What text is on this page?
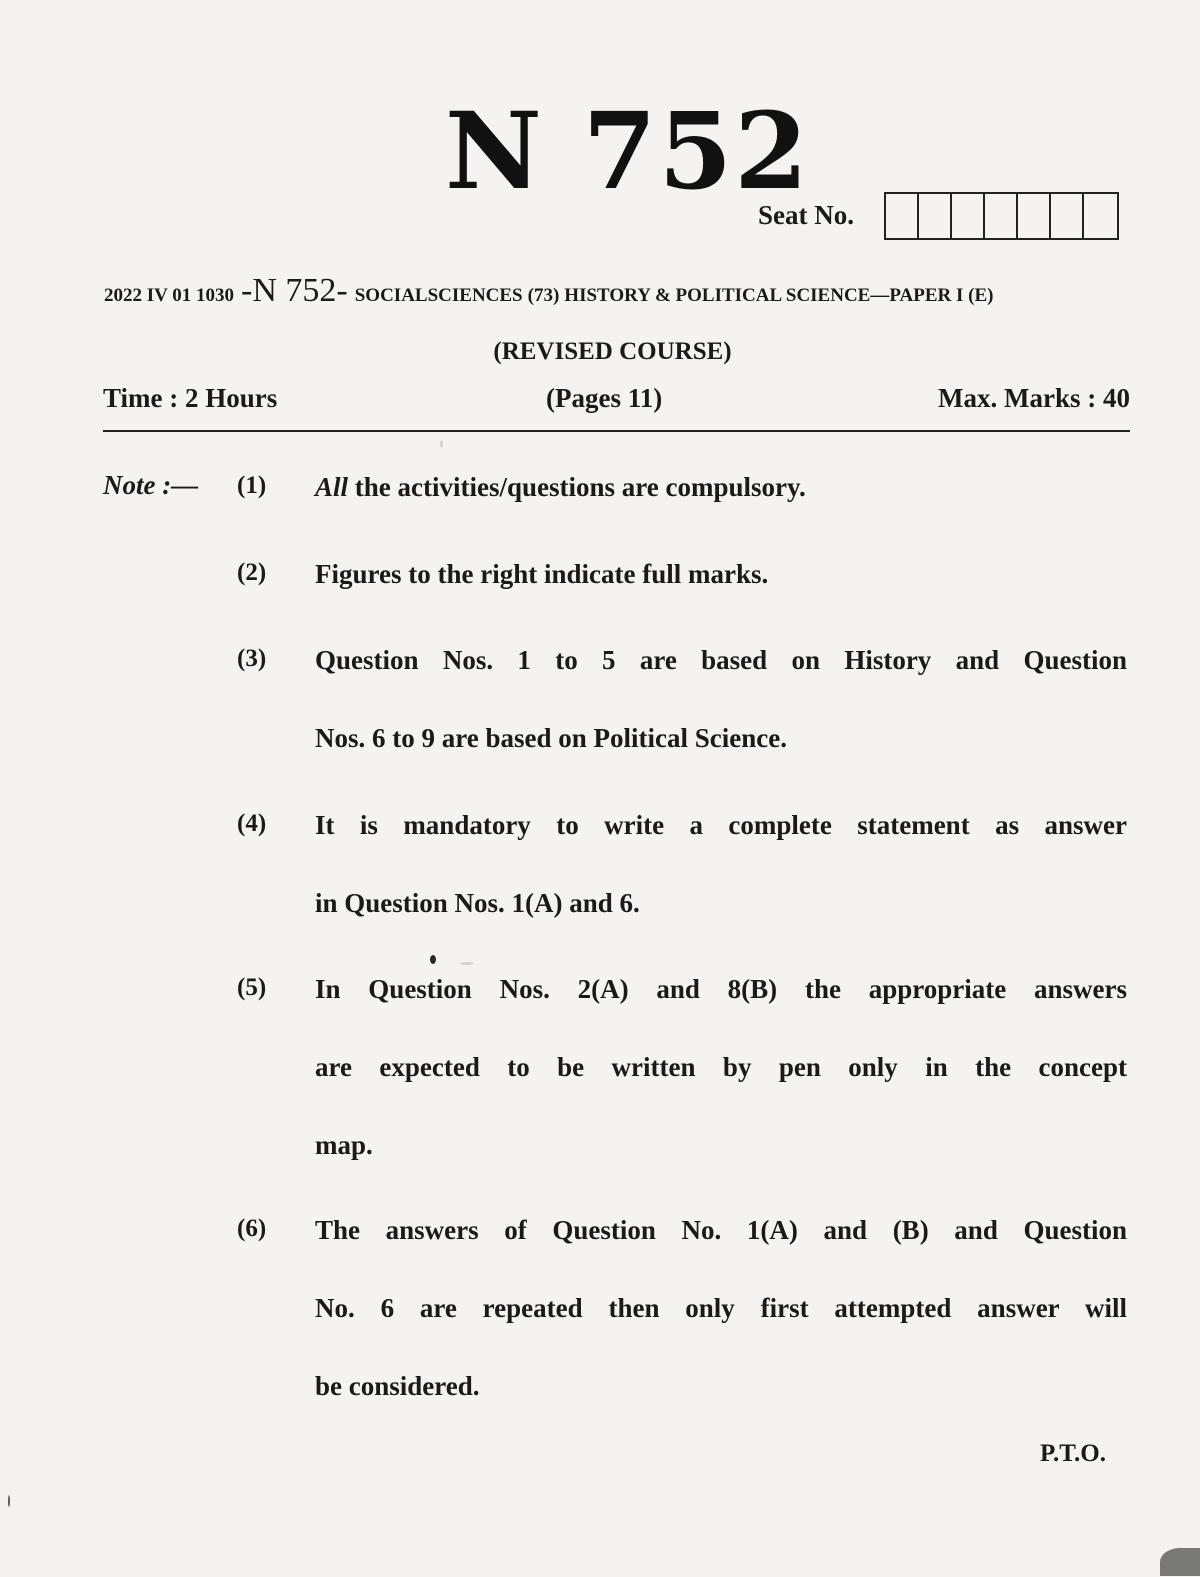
N 752
Seat No.
2022 IV 01 1030 -N 752- SOCIALSCIENCES (73) HISTORY & POLITICAL SCIENCE—PAPER I (E)
(REVISED COURSE)
Time : 2 Hours	(Pages 11)	Max. Marks : 40
Note :— (1) All the activities/questions are compulsory.
(2) Figures to the right indicate full marks.
(3) Question Nos. 1 to 5 are based on History and Question
Nos. 6 to 9 are based on Political Science.
(4) It is mandatory to write a complete statement as answer
in Question Nos. 1(A) and 6.
(5) In Question Nos. 2(A) and 8(B) the appropriate answers
are expected to be written by pen only in the concept
map.
(6) The answers of Question No. 1(A) and (B) and Question
No. 6 are repeated then only first attempted answer will
be considered.
P.T.O.
